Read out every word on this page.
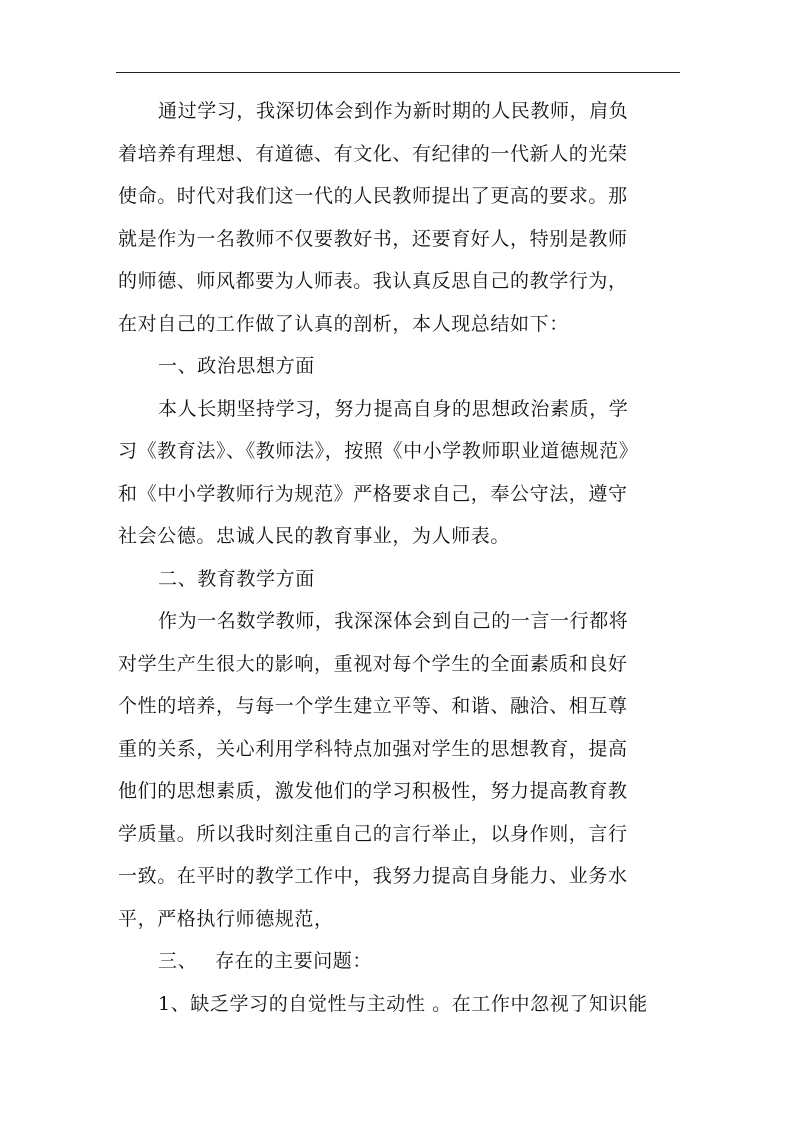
通过学习，我深切体会到作为新时期的人民教师，肩负
着培养有理想、有道德、有文化、有纪律的一代新人的光荣
使命。时代对我们这一代的人民教师提出了更高的要求。那
就是作为一名教师不仅要教好书，还要育好人，特别是教师
的师德、师风都要为人师表。我认真反思自己的教学行为，
在对自己的工作做了认真的剖析，本人现总结如下：
一、政治思想方面
本人长期坚持学习，努力提高自身的思想政治素质，学
习《教育法》、《教师法》，按照《中小学教师职业道德规范》
和《中小学教师行为规范》严格要求自己，奉公守法，遵守
社会公德。忠诚人民的教育事业，为人师表。
二、教育教学方面
作为一名数学教师，我深深体会到自己的一言一行都将
对学生产生很大的影响，重视对每个学生的全面素质和良好
个性的培养，与每一个学生建立平等、和谐、融洽、相互尊
重的关系，关心利用学科特点加强对学生的思想教育，提高
他们的思想素质，激发他们的学习积极性，努力提高教育教
学质量。所以我时刻注重自己的言行举止，以身作则，言行
一致。在平时的教学工作中，我努力提高自身能力、业务水
平，严格执行师德规范，
三、 存在的主要问题：
1、缺乏学习的自觉性与主动性 。在工作中忽视了知识能
